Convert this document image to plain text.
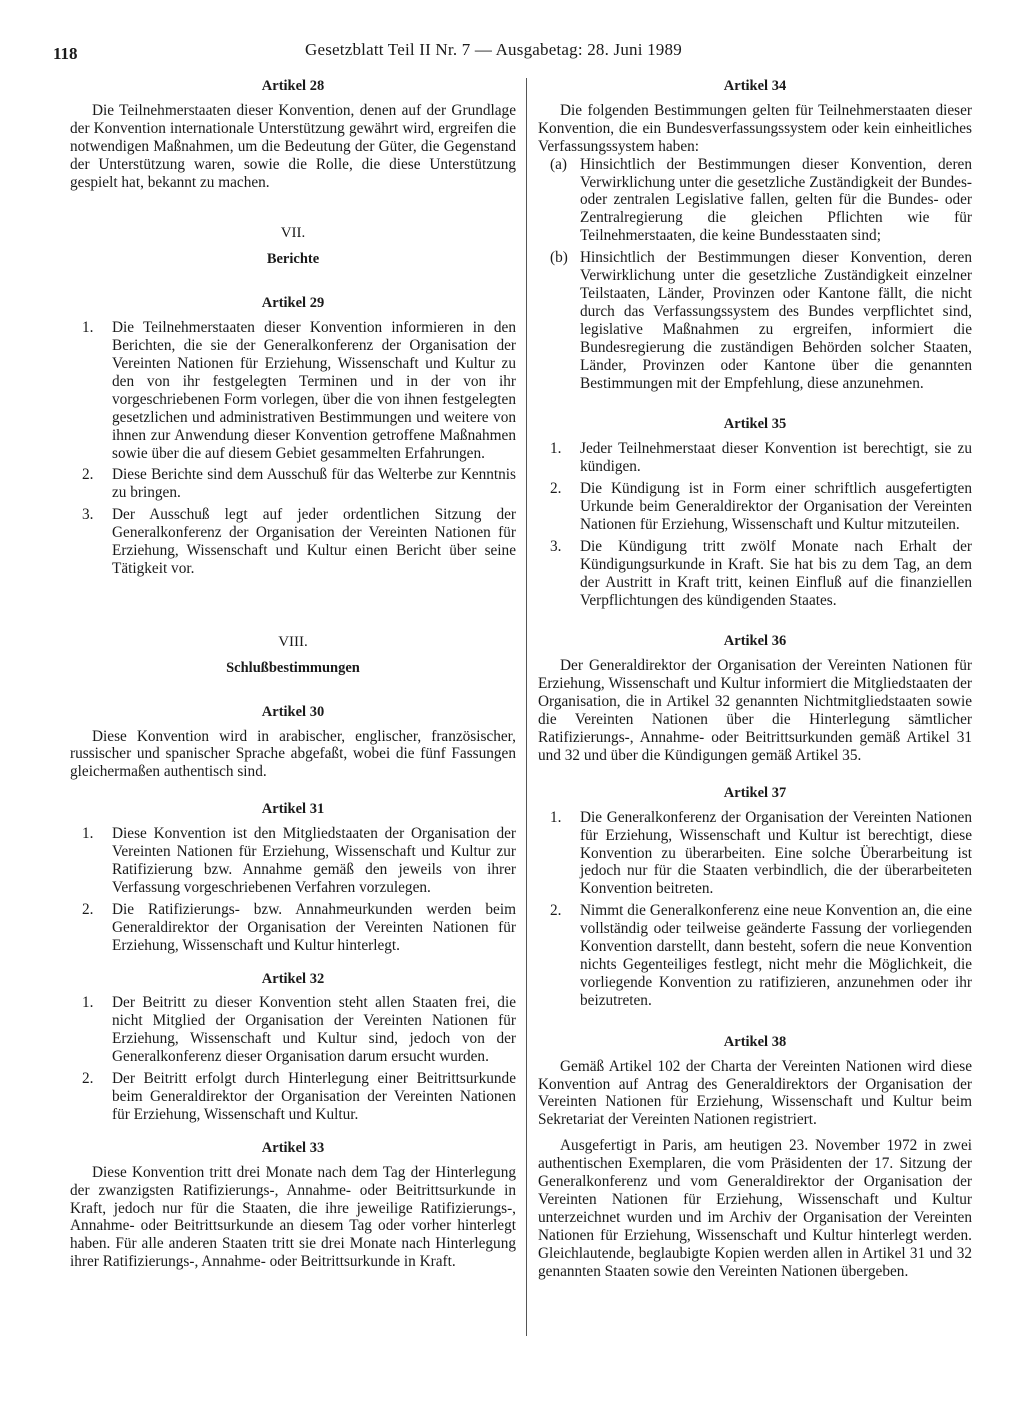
118	Gesetzblatt Teil II Nr. 7 — Ausgabetag: 28. Juni 1989
Artikel 28

Die Teilnehmerstaaten dieser Konvention, denen auf der Grundlage der Konvention internationale Unterstützung gewährt wird, ergreifen die notwendigen Maßnahmen, um die Bedeutung der Güter, die Gegenstand der Unterstützung waren, sowie die Rolle, die diese Unterstützung gespielt hat, bekannt zu machen.

VII.
Berichte
Artikel 29
1.	Die Teilnehmerstaaten dieser Konvention informieren in den Berichten, die sie der Generalkonferenz der Organisation der Vereinten Nationen für Erziehung, Wissenschaft und Kultur zu den von ihr festgelegten Terminen und in der von ihr vorgeschriebenen Form vorlegen, über die von ihnen festgelegten gesetzlichen und administrativen Bestimmungen und weitere von ihnen zur Anwendung dieser Konvention getroffene Maßnahmen sowie über die auf diesem Gebiet gesammelten Erfahrungen.
2.	Diese Berichte sind dem Ausschuß für das Welterbe zur Kenntnis zu bringen.
3.	Der Ausschuß legt auf jeder ordentlichen Sitzung der Generalkonferenz der Organisation der Vereinten Nationen für Erziehung, Wissenschaft und Kultur einen Bericht über seine Tätigkeit vor.
VIII.
Schlußbestimmungen
Artikel 30

Diese Konvention wird in arabischer, englischer, französischer, russischer und spanischer Sprache abgefaßt, wobei die fünf Fassungen gleichermaßen authentisch sind.

Artikel 31
1.	Diese Konvention ist den Mitgliedstaaten der Organisation der Vereinten Nationen für Erziehung, Wissenschaft und Kultur zur Ratifizierung bzw. Annahme gemäß den jeweils von ihrer Verfassung vorgeschriebenen Verfahren vorzulegen.
2.	Die Ratifizierungs- bzw. Annahmeurkunden werden beim Generaldirektor der Organisation der Vereinten Nationen für Erziehung, Wissenschaft und Kultur hinterlegt.
Artikel 32
1.	Der Beitritt zu dieser Konvention steht allen Staaten frei, die nicht Mitglied der Organisation der Vereinten Nationen für Erziehung, Wissenschaft und Kultur sind, jedoch von der Generalkonferenz dieser Organisation darum ersucht wurden.
2.	Der Beitritt erfolgt durch Hinterlegung einer Beitrittsurkunde beim Generaldirektor der Organisation der Vereinten Nationen für Erziehung, Wissenschaft und Kultur.
Artikel 33

Diese Konvention tritt drei Monate nach dem Tag der Hinterlegung der zwanzigsten Ratifizierungs-, Annahme- oder Beitrittsurkunde in Kraft, jedoch nur für die Staaten, die ihre jeweilige Ratifizierungs-, Annahme- oder Beitrittsurkunde an diesem Tag oder vorher hinterlegt haben. Für alle anderen Staaten tritt sie drei Monate nach Hinterlegung ihrer Ratifizierungs-, Annahme- oder Beitrittsurkunde in Kraft.

Artikel 34

Die folgenden Bestimmungen gelten für Teilnehmerstaaten dieser Konvention, die ein Bundesverfassungssystem oder kein einheitliches Verfassungssystem haben:

(a) Hinsichtlich der Bestimmungen dieser Konvention, deren Verwirklichung unter die gesetzliche Zuständigkeit der Bundes- oder zentralen Legislative fallen, gelten für die Bundes- oder Zentralregierung die gleichen Pflichten wie für Teilnehmerstaaten, die keine Bundesstaaten sind;
(b) Hinsichtlich der Bestimmungen dieser Konvention, deren Verwirklichung unter die gesetzliche Zuständigkeit einzelner Teilstaaten, Länder, Provinzen oder Kantone fällt, die nicht durch das Verfassungssystem des Bundes verpflichtet sind, legislative Maßnahmen zu ergreifen, informiert die Bundesregierung die zuständigen Behörden solcher Staaten, Länder, Provinzen oder Kantone über die genannten Bestimmungen mit der Empfehlung, diese anzunehmen.
Artikel 35
1.	Jeder Teilnehmerstaat dieser Konvention ist berechtigt, sie zu kündigen.
2.	Die Kündigung ist in Form einer schriftlich ausgefertigten Urkunde beim Generaldirektor der Organisation der Vereinten Nationen für Erziehung, Wissenschaft und Kultur mitzuteilen.
3.	Die Kündigung tritt zwölf Monate nach Erhalt der Kündigungsurkunde in Kraft. Sie hat bis zu dem Tag, an dem der Austritt in Kraft tritt, keinen Einfluß auf die finanziellen Verpflichtungen des kündigenden Staates.
Artikel 36

Der Generaldirektor der Organisation der Vereinten Nationen für Erziehung, Wissenschaft und Kultur informiert die Mitgliedstaaten der Organisation, die in Artikel 32 genannten Nichtmitgliedstaaten sowie die Vereinten Nationen über die Hinterlegung sämtlicher Ratifizierungs-, Annahme- oder Beitrittsurkunden gemäß Artikel 31 und 32 und über die Kündigungen gemäß Artikel 35.

Artikel 37
1.	Die Generalkonferenz der Organisation der Vereinten Nationen für Erziehung, Wissenschaft und Kultur ist berechtigt, diese Konvention zu überarbeiten. Eine solche Überarbeitung ist jedoch nur für die Staaten verbindlich, die der überarbeiteten Konvention beitreten.
2.	Nimmt die Generalkonferenz eine neue Konvention an, die eine vollständig oder teilweise geänderte Fassung der vorliegenden Konvention darstellt, dann besteht, sofern die neue Konvention nichts Gegenteiliges festlegt, nicht mehr die Möglichkeit, die vorliegende Konvention zu ratifizieren, anzunehmen oder ihr beizutreten.
Artikel 38

Gemäß Artikel 102 der Charta der Vereinten Nationen wird diese Konvention auf Antrag des Generaldirektors der Organisation der Vereinten Nationen für Erziehung, Wissenschaft und Kultur beim Sekretariat der Vereinten Nationen registriert.

Ausgefertigt in Paris, am heutigen 23. November 1972 in zwei authentischen Exemplaren, die vom Präsidenten der 17. Sitzung der Generalkonferenz und vom Generaldirektor der Organisation der Vereinten Nationen für Erziehung, Wissenschaft und Kultur unterzeichnet wurden und im Archiv der Organisation der Vereinten Nationen für Erziehung, Wissenschaft und Kultur hinterlegt werden. Gleichlautende, beglaubigte Kopien werden allen in Artikel 31 und 32 genannten Staaten sowie den Vereinten Nationen übergeben.
